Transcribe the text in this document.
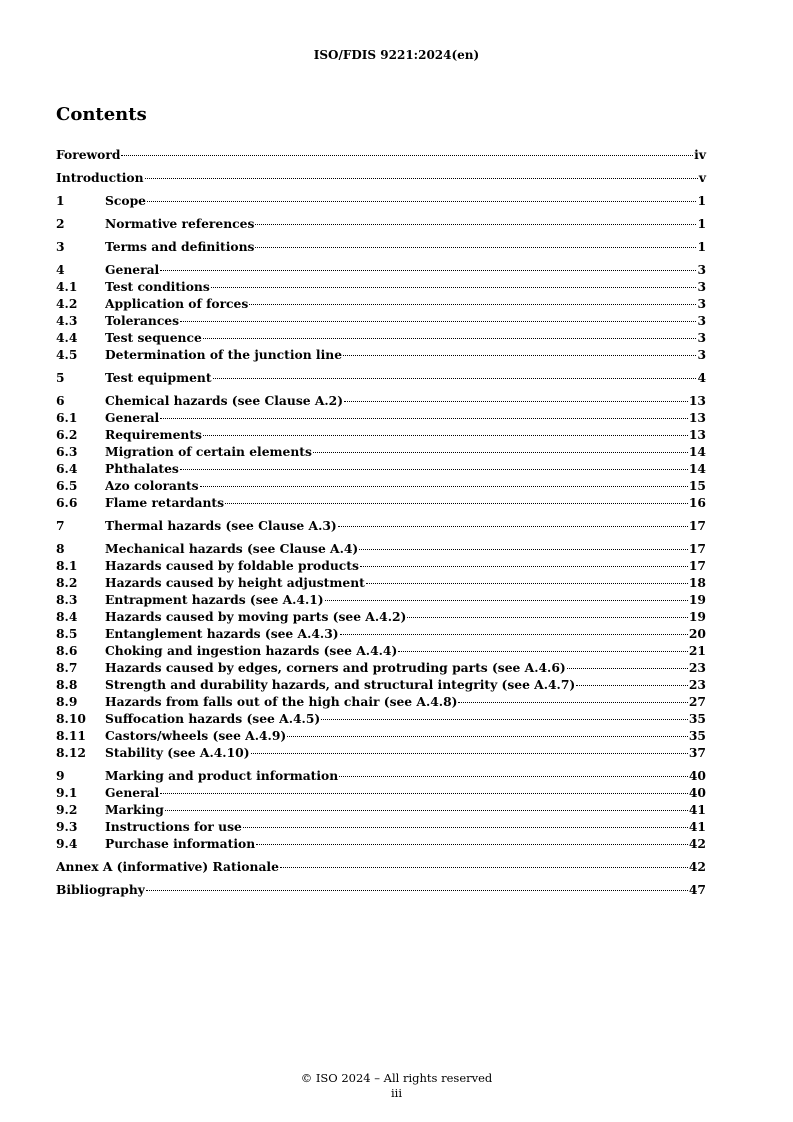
ISO/FDIS 9221:2024(en)
Contents
Foreword	iv
Introduction	v
1	Scope	1
2	Normative references	1
3	Terms and definitions	1
4	General	3
4.1	Test conditions	3
4.2	Application of forces	3
4.3	Tolerances	3
4.4	Test sequence	3
4.5	Determination of the junction line	3
5	Test equipment	4
6	Chemical hazards (see Clause A.2)	13
6.1	General	13
6.2	Requirements	13
6.3	Migration of certain elements	14
6.4	Phthalates	14
6.5	Azo colorants	15
6.6	Flame retardants	16
7	Thermal hazards (see Clause A.3)	17
8	Mechanical hazards (see Clause A.4)	17
8.1	Hazards caused by foldable products	17
8.2	Hazards caused by height adjustment	18
8.3	Entrapment hazards (see A.4.1)	19
8.4	Hazards caused by moving parts (see A.4.2)	19
8.5	Entanglement hazards (see A.4.3)	20
8.6	Choking and ingestion hazards (see A.4.4)	21
8.7	Hazards caused by edges, corners and protruding parts (see A.4.6)	23
8.8	Strength and durability hazards, and structural integrity (see A.4.7)	23
8.9	Hazards from falls out of the high chair (see A.4.8)	27
8.10	Suffocation hazards (see A.4.5)	35
8.11	Castors/wheels (see A.4.9)	35
8.12	Stability (see A.4.10)	37
9	Marking and product information	40
9.1	General	40
9.2	Marking	41
9.3	Instructions for use	41
9.4	Purchase information	42
Annex A (informative) Rationale	42
Bibliography	47
© ISO 2024 – All rights reserved
iii
